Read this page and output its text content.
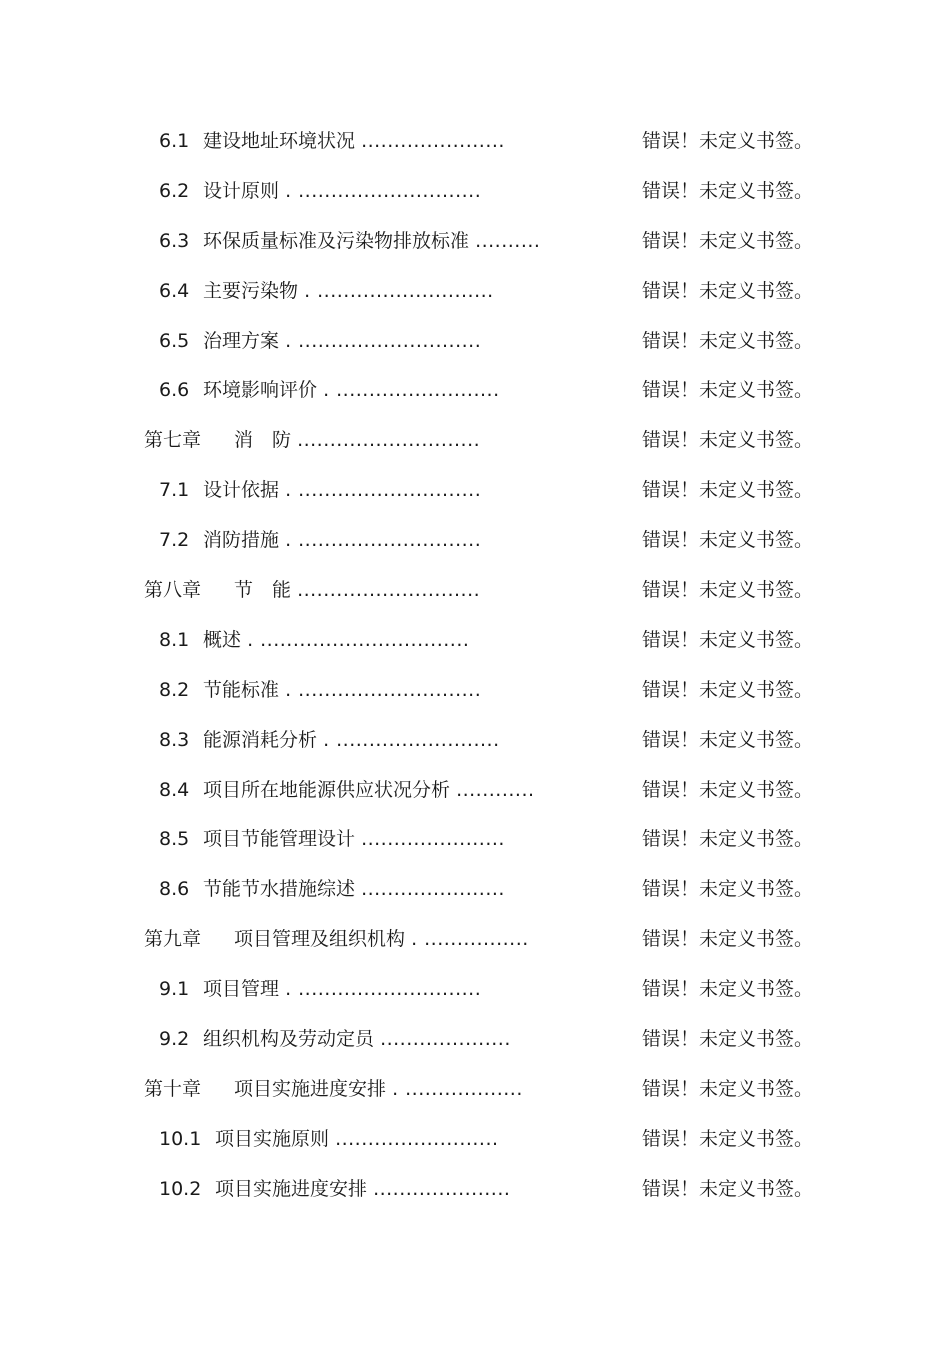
6.1 建设地址环境状况 ......................	错误！未定义书签。
6.2 设计原则 . ............................	错误！未定义书签。
6.3 环保质量标准及污染物排放标准 ..........	错误！未定义书签。
6.4 主要污染物 . ...........................	错误！未定义书签。
6.5 治理方案 . ............................	错误！未定义书签。
6.6 环境影响评价 . .........................	错误！未定义书签。
第七章 消　防 ............................	错误！未定义书签。
7.1 设计依据 . ............................	错误！未定义书签。
7.2 消防措施 . ............................	错误！未定义书签。
第八章 节　能 ............................	错误！未定义书签。
8.1 概述 . ................................	错误！未定义书签。
8.2 节能标准 . ............................	错误！未定义书签。
8.3 能源消耗分析 . .........................	错误！未定义书签。
8.4 项目所在地能源供应状况分析 ............	错误！未定义书签。
8.5 项目节能管理设计 ......................	错误！未定义书签。
8.6 节能节水措施综述 ......................	错误！未定义书签。
第九章 项目管理及组织机构 . ................	错误！未定义书签。
9.1 项目管理 . ............................	错误！未定义书签。
9.2 组织机构及劳动定员 ....................	错误！未定义书签。
第十章 项目实施进度安排 . ..................	错误！未定义书签。
10.1 项目实施原则 .........................	错误！未定义书签。
10.2 项目实施进度安排 .....................	错误！未定义书签。
